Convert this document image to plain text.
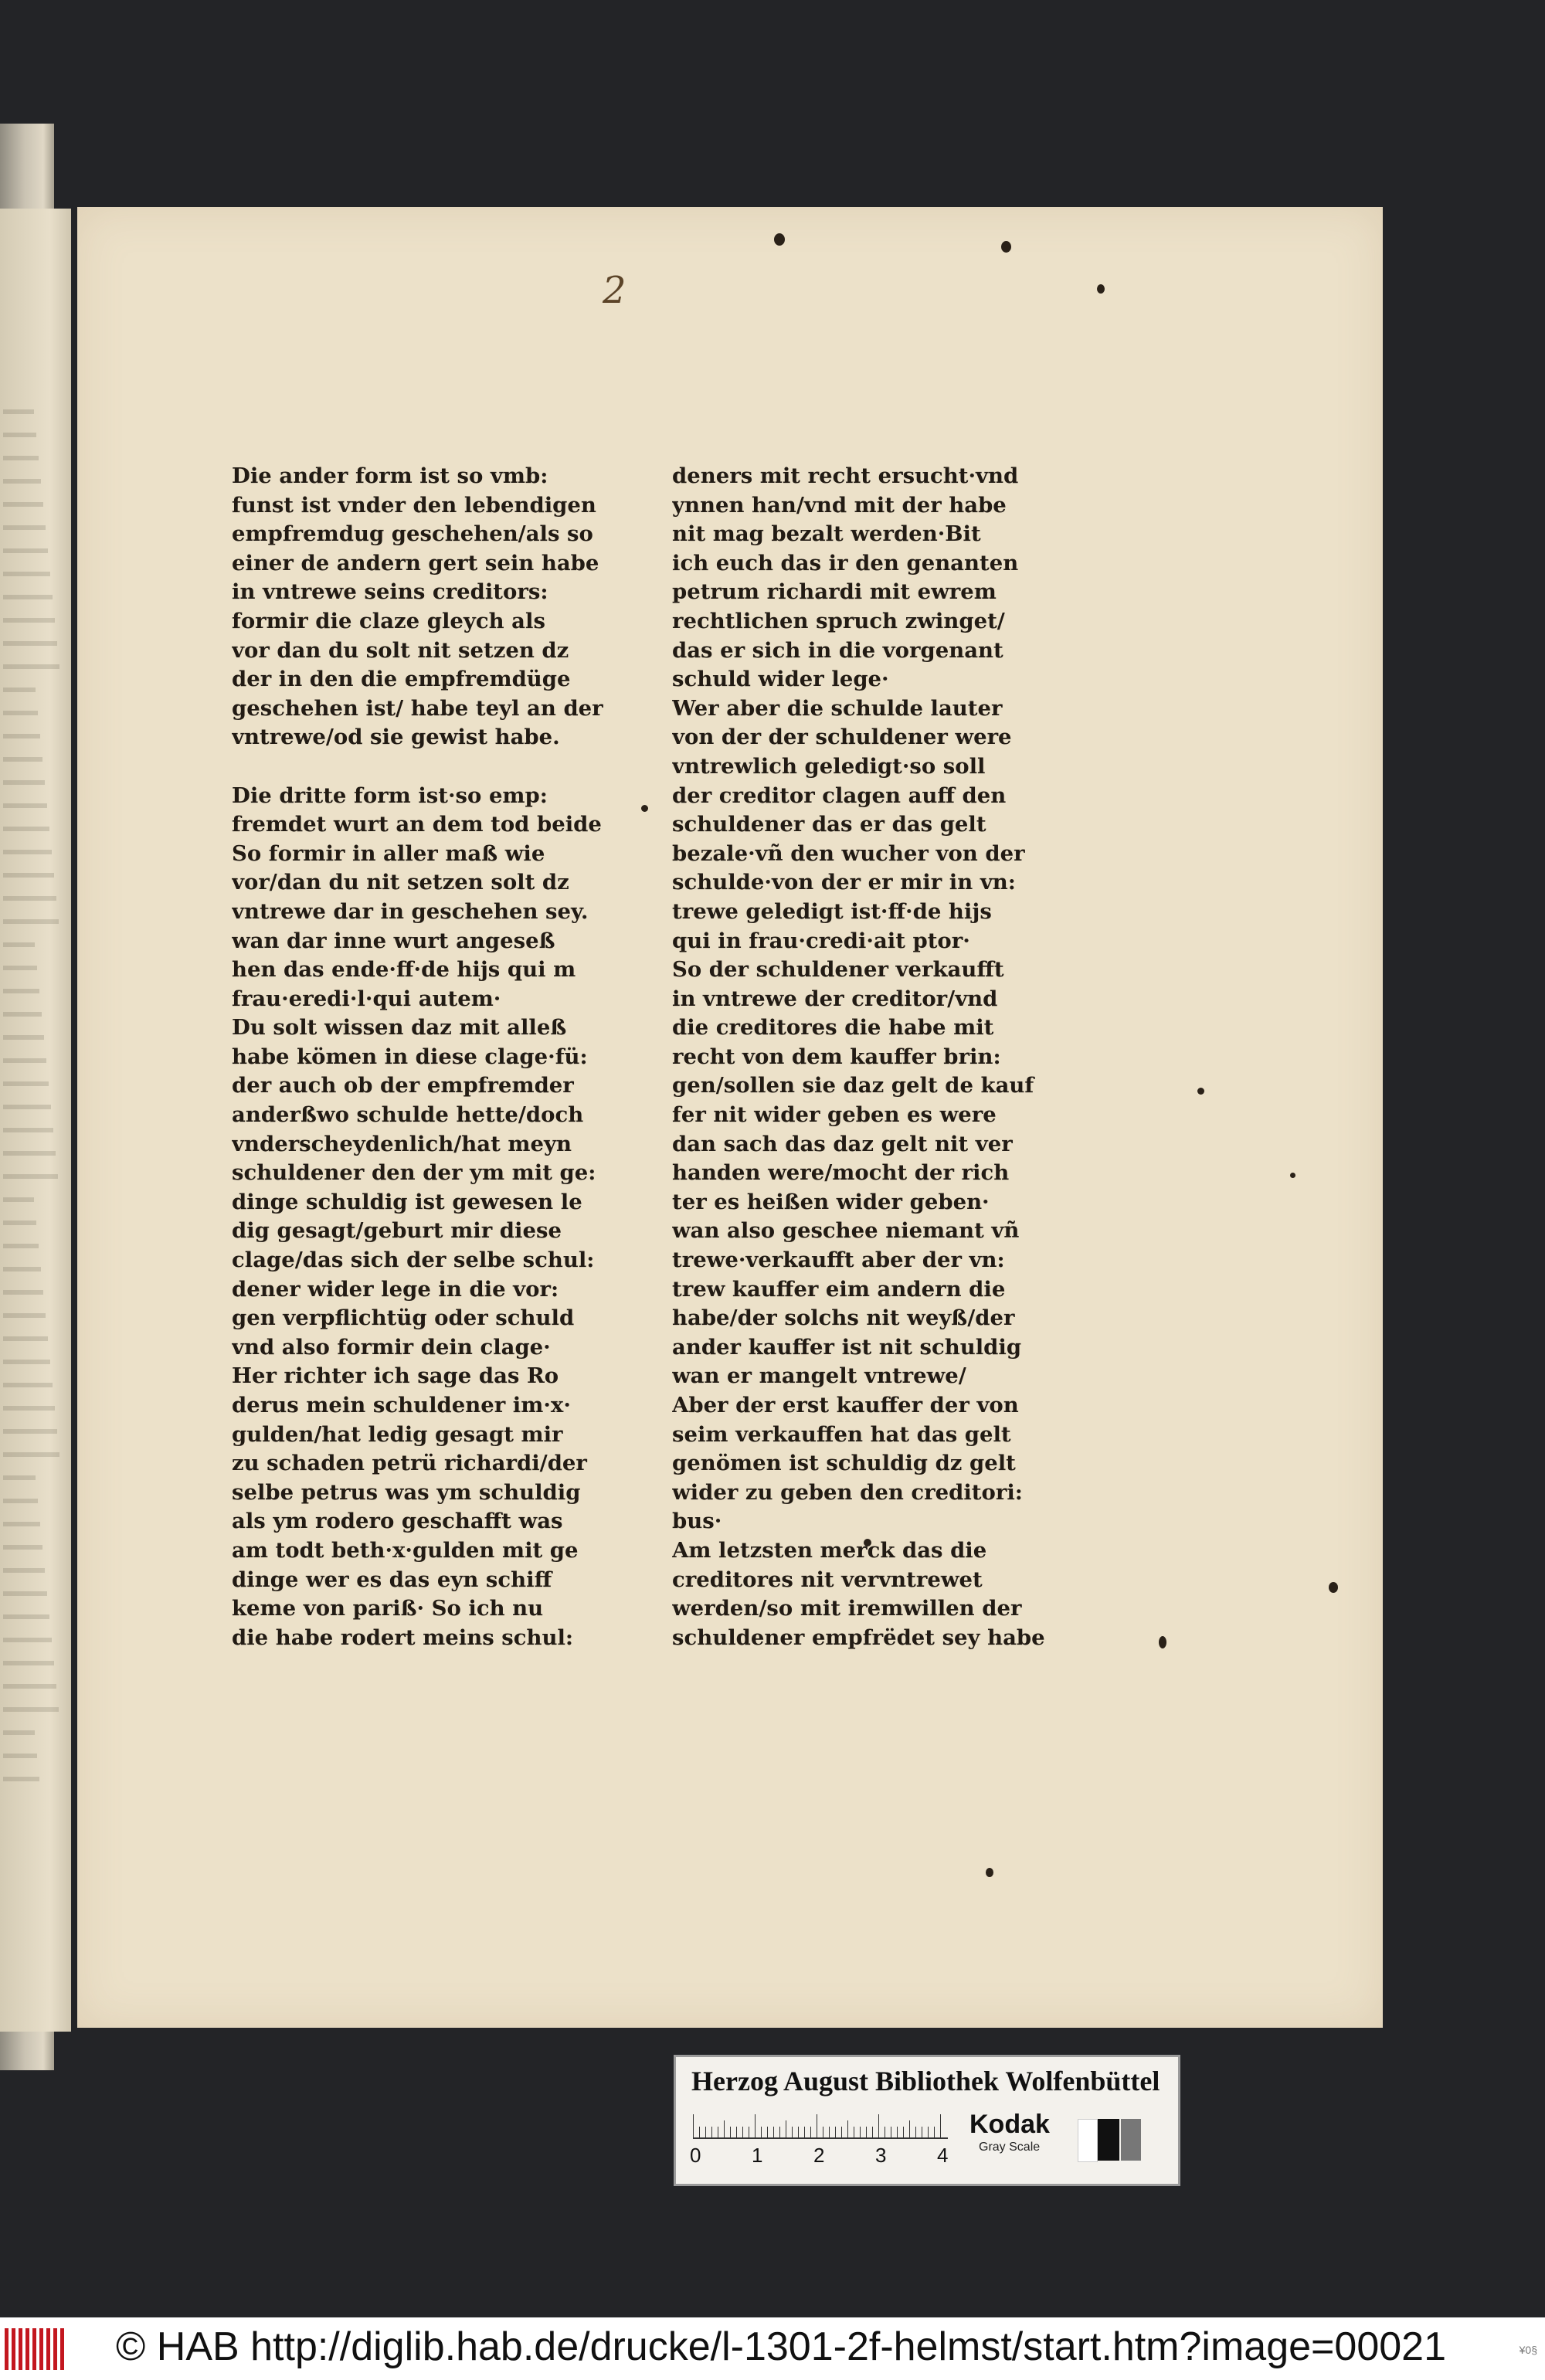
2
Die ander form ist so vmb:
funst ist vnder den lebendigen
empfremdug geschehen/als so
einer de andern gert sein habe
in vntrewe seins creditors:
formir die claze gleych als
vor dan du solt nit setzen dz
der in den die empfremdüge
geschehen ist/ habe teyl an der
vntrewe/od sie gewist habe.
Die dritte form ist·so emp:
fremdet wurt an dem tod beide
So formir in aller maß wie
vor/dan du nit setzen solt dz
vntrewe dar in geschehen sey.
wan dar inne wurt angeseß
hen das ende·ff·de hijs qui m
frau·eredi·l·qui autem·
Du solt wissen daz mit alleß
habe kömen in diese clage·fü:
der auch ob der empfremder
anderßwo schulde hette/doch
vnderscheydenlich/hat meyn
schuldener den der ym mit ge:
dinge schuldig ist gewesen le
dig gesagt/geburt mir diese
clage/das sich der selbe schul:
dener wider lege in die vor:
gen verpflichtüg oder schuld
vnd also formir dein clage·
Her richter ich sage das Ro
derus mein schuldener im·x·
gulden/hat ledig gesagt mir
zu schaden petrü richardi/der
selbe petrus was ym schuldig
als ym rodero geschafft was
am todt beth·x·gulden mit ge
dinge wer es das eyn schiff
keme von pariß· So ich nu
die habe rodert meins schul:
deners mit recht ersucht·vnd
ynnen han/vnd mit der habe
nit mag bezalt werden·Bit
ich euch das ir den genanten
petrum richardi mit ewrem
rechtlichen spruch zwinget/
das er sich in die vorgenant
schuld wider lege·
Wer aber die schulde lauter
von der der schuldener were
vntrewlich geledigt·so soll
der creditor clagen auff den
schuldener das er das gelt
bezale·vñ den wucher von der
schulde·von der er mir in vn:
trewe geledigt ist·ff·de hijs
qui in frau·credi·ait ptor·
So der schuldener verkaufft
in vntrewe der creditor/vnd
die creditores die habe mit
recht von dem kauffer brin:
gen/sollen sie daz gelt de kauf
fer nit wider geben es were
dan sach das daz gelt nit ver
handen were/mocht der rich
ter es heißen wider geben·
wan also geschee niemant vñ
trewe·verkaufft aber der vn:
trew kauffer eim andern die
habe/der solchs nit weyß/der
ander kauffer ist nit schuldig
wan er mangelt vntrewe/
Aber der erst kauffer der von
seim verkauffen hat das gelt
genömen ist schuldig dz gelt
wider zu geben den creditori:
bus·
Am letzsten merck das die
creditores nit vervntrewet
werden/so mit iremwillen der
schuldener empfrëdet sey habe
Herzog August Bibliothek Wolfenbüttel
0	1	2	3	4
Kodak
Gray Scale
© HAB http://diglib.hab.de/drucke/l-1301-2f-helmst/start.htm?image=00021	¥0§
